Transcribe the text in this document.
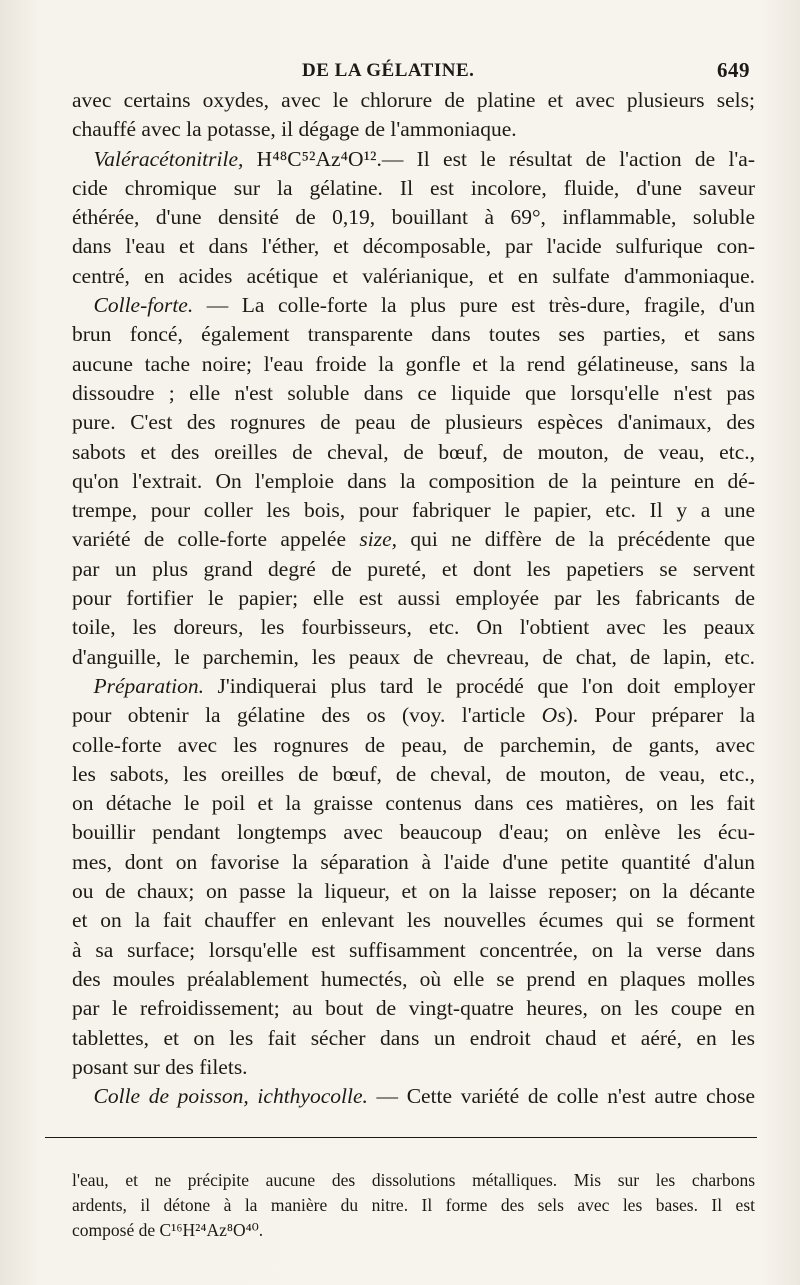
DE LA GÉLATINE.	649
avec certains oxydes, avec le chlorure de platine et avec plusieurs sels;
chauffé avec la potasse, il dégage de l'ammoniaque.
 Valéracétonitrile, H⁴⁸C⁵²Az⁴O¹².— Il est le résultat de l'action de l'a-
cide chromique sur la gélatine. Il est incolore, fluide, d'une saveur
éthérée, d'une densité de 0,19, bouillant à 69°, inflammable, soluble
dans l'eau et dans l'éther, et décomposable, par l'acide sulfurique con-
centré, en acides acétique et valérianique, et en sulfate d'ammoniaque.
 Colle-forte. — La colle-forte la plus pure est très-dure, fragile, d'un
brun foncé, également transparente dans toutes ses parties, et sans
aucune tache noire; l'eau froide la gonfle et la rend gélatineuse, sans la
dissoudre ; elle n'est soluble dans ce liquide que lorsqu'elle n'est pas
pure. C'est des rognures de peau de plusieurs espèces d'animaux, des
sabots et des oreilles de cheval, de bœuf, de mouton, de veau, etc.,
qu'on l'extrait. On l'emploie dans la composition de la peinture en dé-
trempe, pour coller les bois, pour fabriquer le papier, etc. Il y a une
variété de colle-forte appelée size, qui ne diffère de la précédente que
par un plus grand degré de pureté, et dont les papetiers se servent
pour fortifier le papier; elle est aussi employée par les fabricants de
toile, les doreurs, les fourbisseurs, etc. On l'obtient avec les peaux
d'anguille, le parchemin, les peaux de chevreau, de chat, de lapin, etc.
 Préparation. J'indiquerai plus tard le procédé que l'on doit employer
pour obtenir la gélatine des os (voy. l'article Os). Pour préparer la
colle-forte avec les rognures de peau, de parchemin, de gants, avec
les sabots, les oreilles de bœuf, de cheval, de mouton, de veau, etc.,
on détache le poil et la graisse contenus dans ces matières, on les fait
bouillir pendant longtemps avec beaucoup d'eau; on enlève les écu-
mes, dont on favorise la séparation à l'aide d'une petite quantité d'alun
ou de chaux; on passe la liqueur, et on la laisse reposer; on la décante
et on la fait chauffer en enlevant les nouvelles écumes qui se forment
à sa surface; lorsqu'elle est suffisamment concentrée, on la verse dans
des moules préalablement humectés, où elle se prend en plaques molles
par le refroidissement; au bout de vingt-quatre heures, on les coupe en
tablettes, et on les fait sécher dans un endroit chaud et aéré, en les
posant sur des filets.
 Colle de poisson, ichthyocolle. — Cette variété de colle n'est autre chose
l'eau, et ne précipite aucune des dissolutions métalliques. Mis sur les charbons
ardents, il détone à la manière du nitre. Il forme des sels avec les bases. Il est
composé de C¹⁶H²⁴Az⁸O⁴⁰.
